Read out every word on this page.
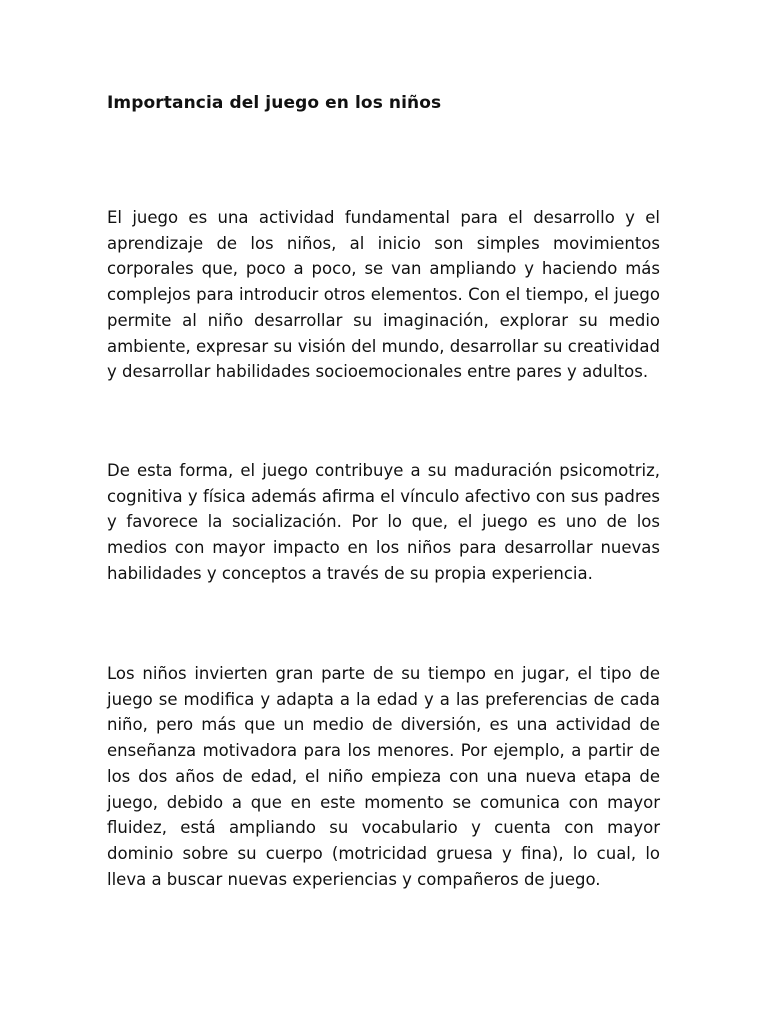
Importancia del juego en los niños

El juego es una actividad fundamental para el desarrollo y el aprendizaje de los niños, al inicio son simples movimientos corporales que, poco a poco, se van ampliando y haciendo más complejos para introducir otros elementos. Con el tiempo, el juego permite al niño desarrollar su imaginación, explorar su medio ambiente, expresar su visión del mundo, desarrollar su creatividad y desarrollar habilidades socioemocionales entre pares y adultos.

De esta forma, el juego contribuye a su maduración psicomotriz, cognitiva y física además afirma el vínculo afectivo con sus padres y favorece la socialización. Por lo que, el juego es uno de los medios con mayor impacto en los niños para desarrollar nuevas habilidades y conceptos a través de su propia experiencia.

Los niños invierten gran parte de su tiempo en jugar, el tipo de juego se modifica y adapta a la edad y a las preferencias de cada niño, pero más que un medio de diversión, es una actividad de enseñanza motivadora para los menores. Por ejemplo, a partir de los dos años de edad, el niño empieza con una nueva etapa de juego, debido a que en este momento se comunica con mayor fluidez, está ampliando su vocabulario y cuenta con mayor dominio sobre su cuerpo (motricidad gruesa y fina), lo cual, lo lleva a buscar nuevas experiencias y compañeros de juego.
